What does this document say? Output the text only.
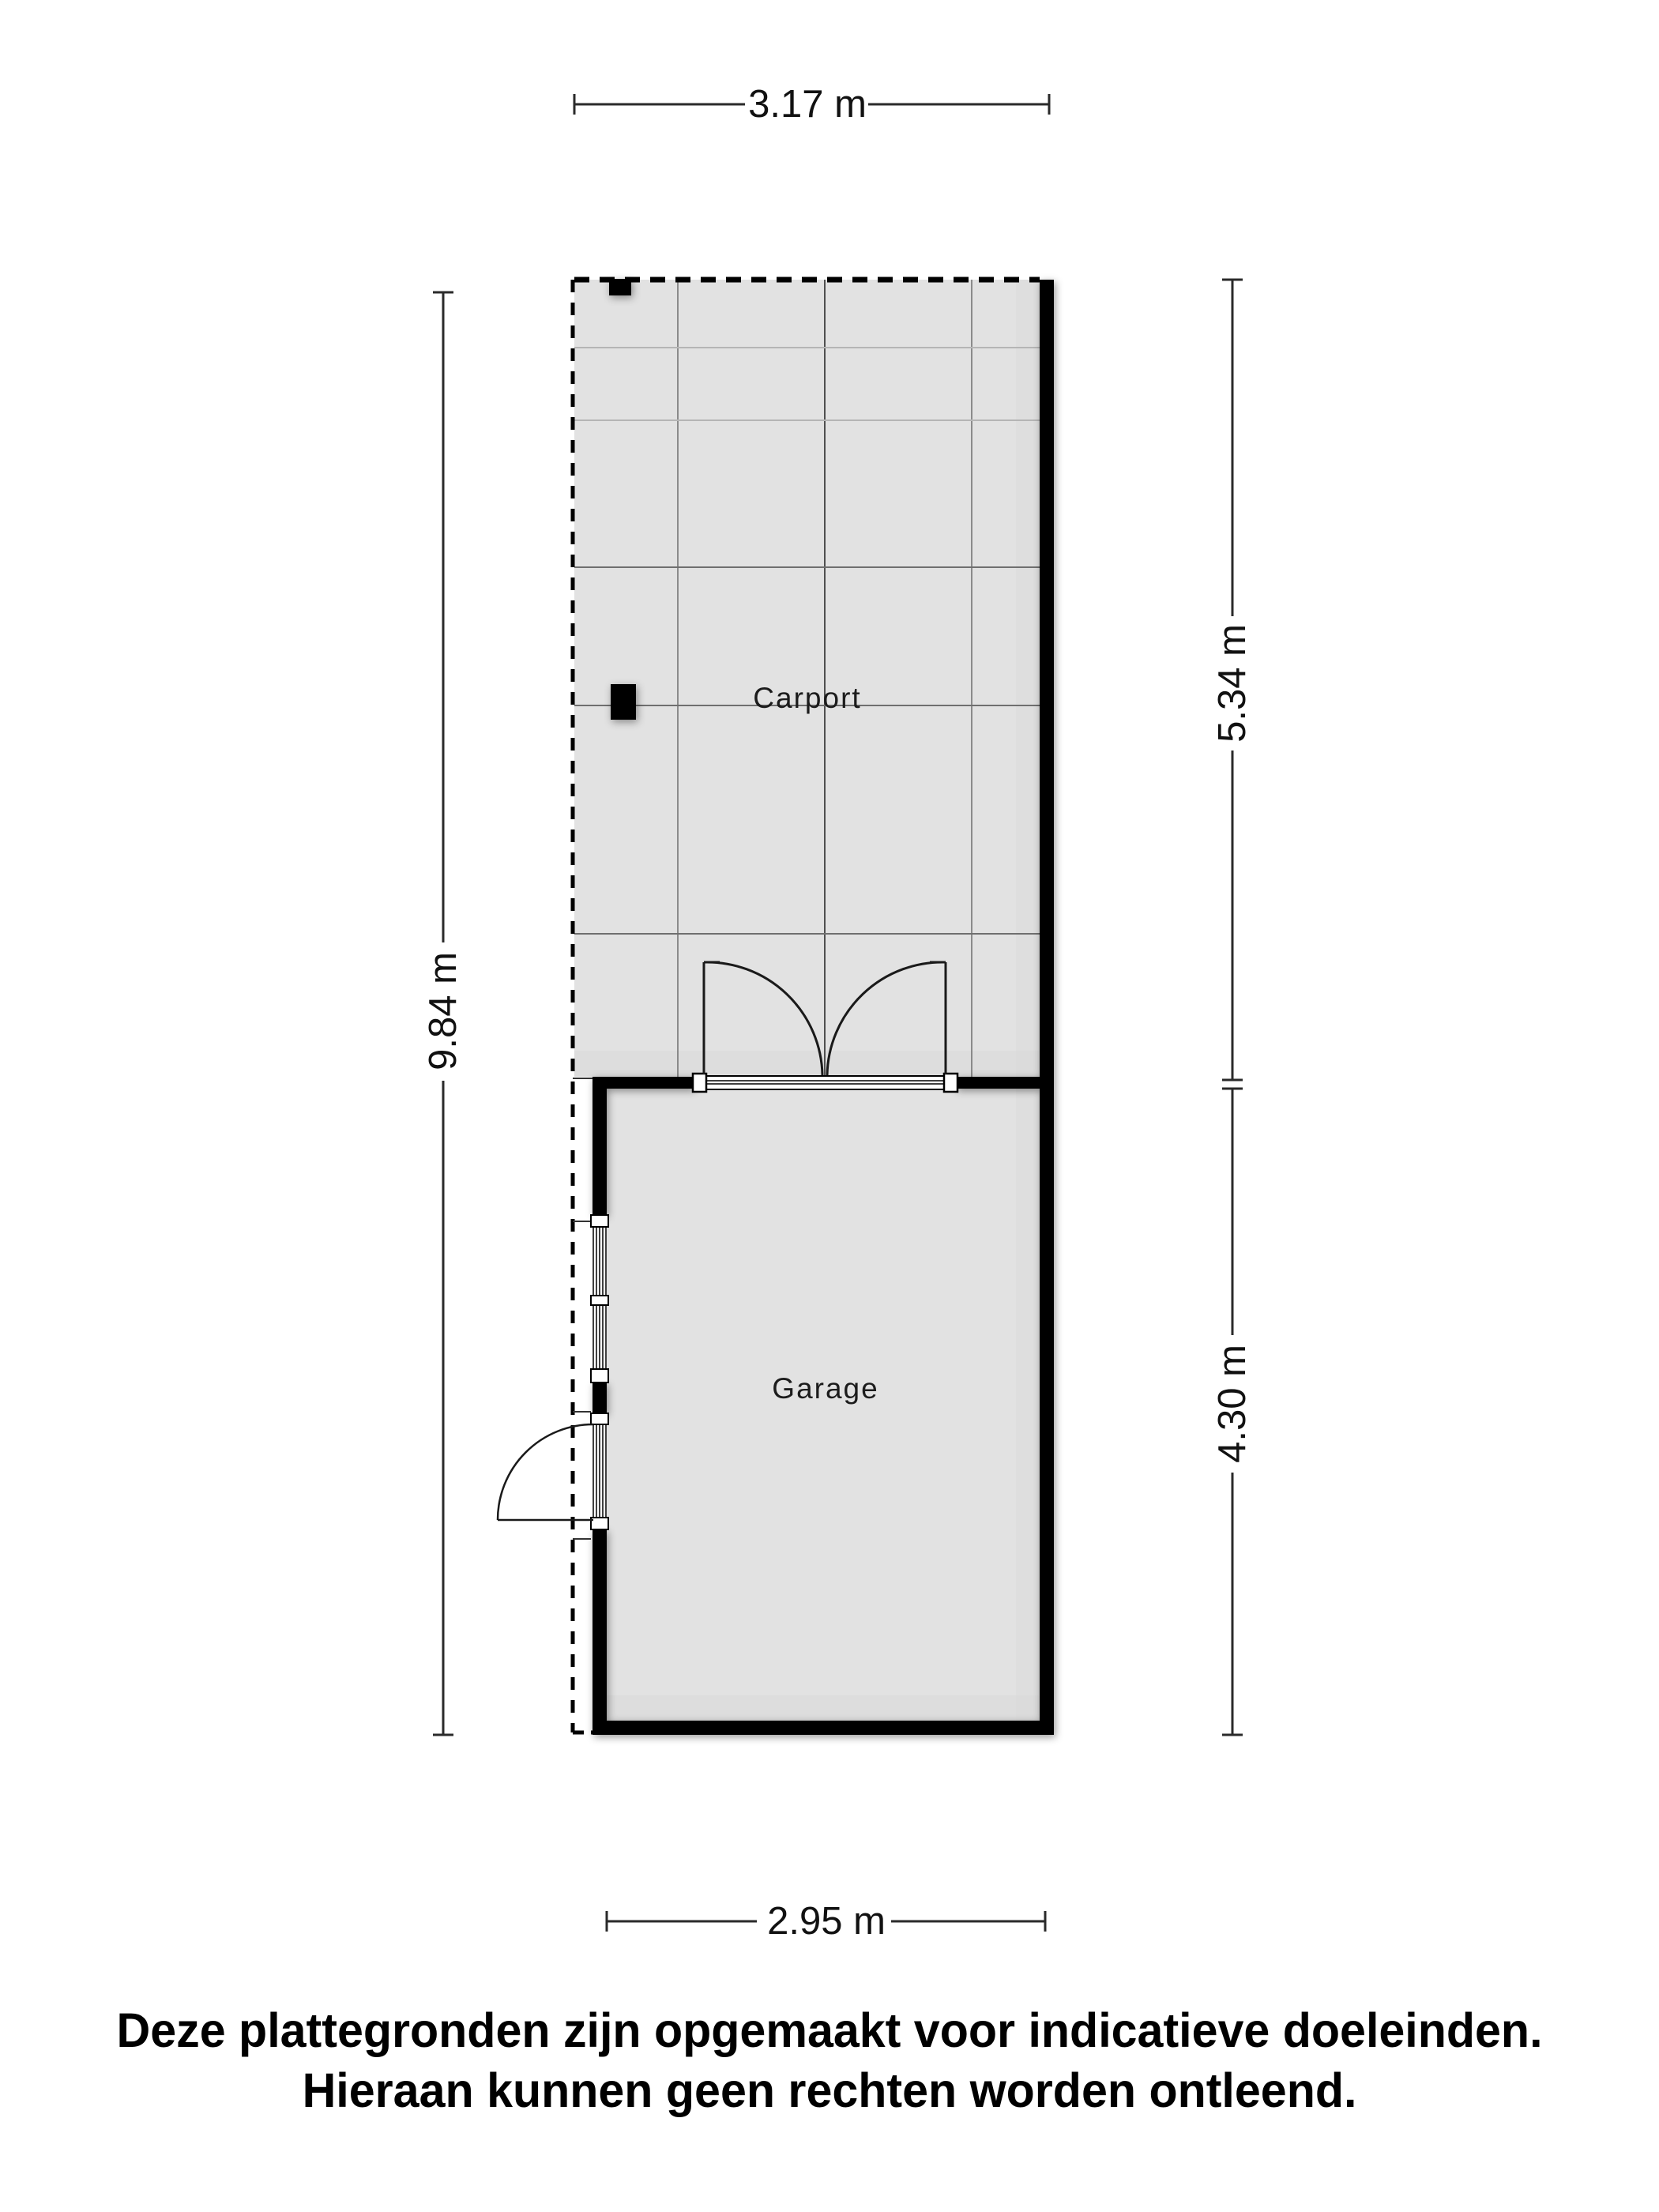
Carport
Garage
3.17 m
9.84 m
5.34 m
4.30 m
2.95 m
Deze plattegronden zijn opgemaakt voor indicatieve doeleinden.
Hieraan kunnen geen rechten worden ontleend.
